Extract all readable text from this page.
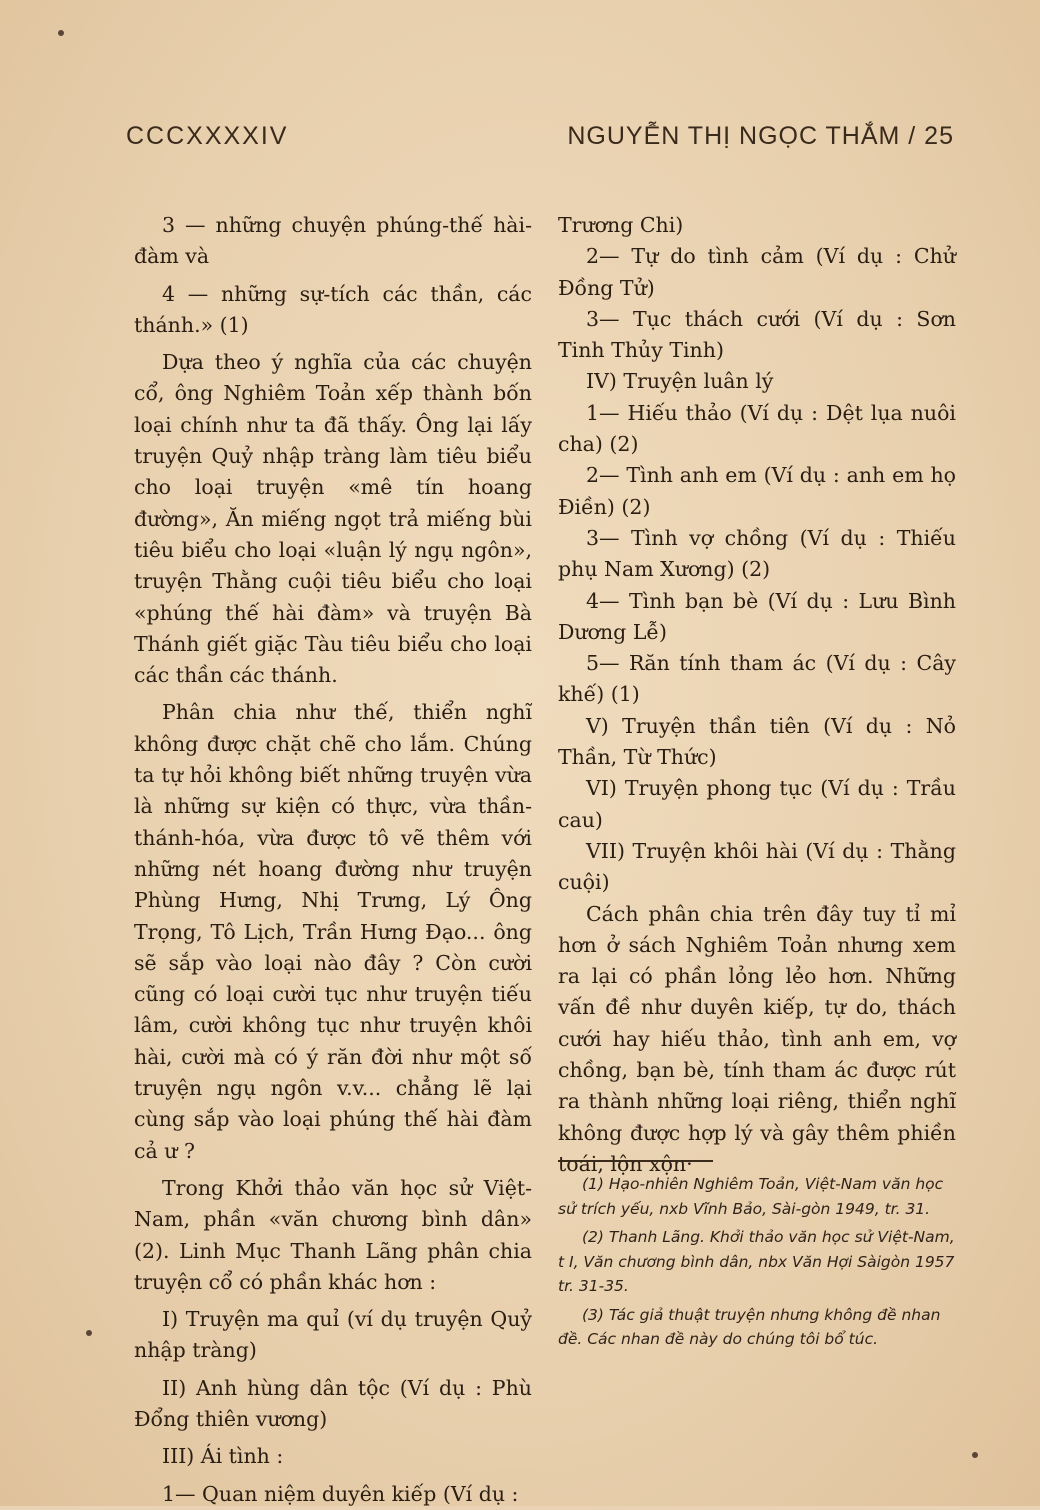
CCCXXXXIV	NGUYỄN THỊ NGỌC THẮM / 25

3 — những chuyện phúng-thế hài-đàm và

4 — những sự-tích các thần, các thánh.» (1)

Dựa theo ý nghĩa của các chuyện cổ, ông Nghiêm Toản xếp thành bốn loại chính như ta đã thấy. Ông lại lấy truyện Quỷ nhập tràng làm tiêu biểu cho loại truyện «mê tín hoang đường», Ăn miếng ngọt trả miếng bùi tiêu biểu cho loại «luận lý ngụ ngôn», truyện Thằng cuội tiêu biểu cho loại «phúng thế hài đàm» và truyện Bà Thánh giết giặc Tàu tiêu biểu cho loại các thần các thánh.

Phân chia như thế, thiển nghĩ không được chặt chẽ cho lắm. Chúng ta tự hỏi không biết những truyện vừa là những sự kiện có thực, vừa thần-thánh-hóa, vừa được tô vẽ thêm với những nét hoang đường như truyện Phùng Hưng, Nhị Trưng, Lý Ông Trọng, Tô Lịch, Trần Hưng Đạo... ông sẽ sắp vào loại nào đây ? Còn cười cũng có loại cười tục như truyện tiếu lâm, cười không tục như truyện khôi hài, cười mà có ý răn đời như một số truyện ngụ ngôn v.v... chẳng lẽ lại cùng sắp vào loại phúng thế hài đàm cả ư ?

Trong Khởi thảo văn học sử Việt-Nam, phần «văn chương bình dân» (2). Linh Mục Thanh Lãng phân chia truyện cổ có phần khác hơn :

I) Truyện ma quỉ (ví dụ truyện Quỷ nhập tràng)

II) Anh hùng dân tộc (Ví dụ : Phù Đổng thiên vương)

III) Ái tình :

1— Quan niệm duyên kiếp (Ví dụ :

Trương Chi)

2— Tự do tình cảm (Ví dụ : Chử Đồng Tử)

3— Tục thách cưới (Ví dụ : Sơn Tinh Thủy Tinh)

IV) Truyện luân lý

1— Hiếu thảo (Ví dụ : Dệt lụa nuôi cha) (2)

2— Tình anh em (Ví dụ : anh em họ Điền) (2)

3— Tình vợ chồng (Ví dụ : Thiếu phụ Nam Xương) (2)

4— Tình bạn bè (Ví dụ : Lưu Bình Dương Lễ)

5— Răn tính tham ác (Ví dụ : Cây khế) (1)

V) Truyện thần tiên (Ví dụ : Nỏ Thần, Từ Thức)

VI) Truyện phong tục (Ví dụ : Trầu cau)

VII) Truyện khôi hài (Ví dụ : Thằng cuội)

Cách phân chia trên đây tuy tỉ mỉ hơn ở sách Nghiêm Toản nhưng xem ra lại có phần lỏng lẻo hơn. Những vấn đề như duyên kiếp, tự do, thách cưới hay hiếu thảo, tình anh em, vợ chồng, bạn bè, tính tham ác được rút ra thành những loại riêng, thiển nghĩ không được hợp lý và gây thêm phiền toái, lộn xộn·

(1) Hạo-nhiên Nghiêm Toản, Việt-Nam văn học sử trích yếu, nxb Vĩnh Bảo, Sài-gòn 1949, tr. 31.

(2) Thanh Lãng. Khởi thảo văn học sử Việt-Nam, t I, Văn chương bình dân, nbx Văn Hợi Sàigòn 1957 tr. 31-35.

(3) Tác giả thuật truyện nhưng không đề nhan đề. Các nhan đề này do chúng tôi bổ túc.
